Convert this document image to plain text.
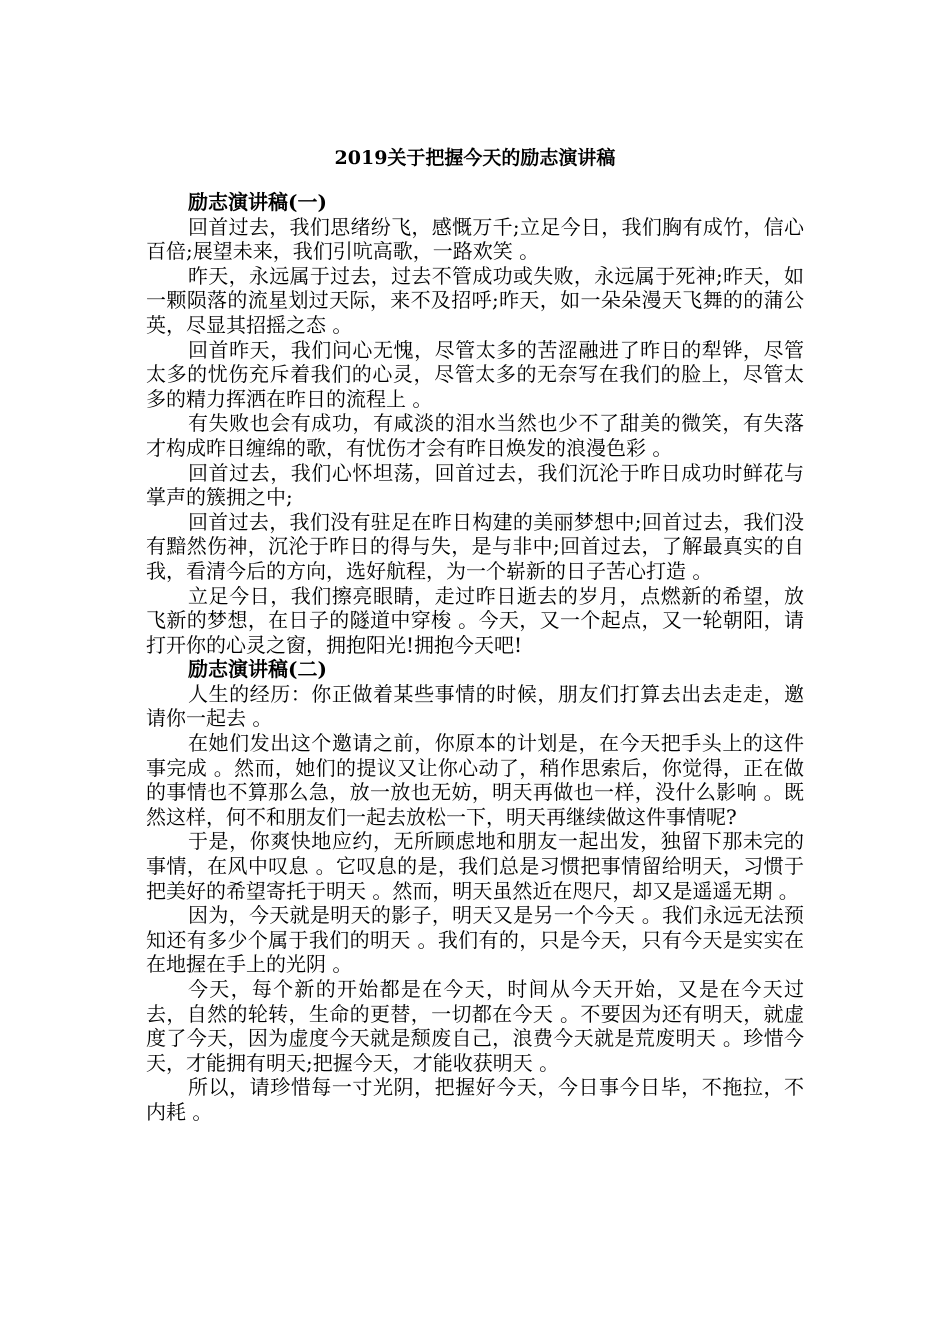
2019关于把握今天的励志演讲稿
励志演讲稿(一)

回首过去，我们思绪纷飞，感慨万千;立足今日，我们胸有成竹，信心百倍;展望未来，我们引吭高歌，一路欢笑 。

昨天，永远属于过去，过去不管成功或失败，永远属于死神;昨天，如一颗陨落的流星划过天际，来不及招呼;昨天，如一朵朵漫天飞舞的的蒲公英，尽显其招摇之态 。

回首昨天，我们问心无愧，尽管太多的苦涩融进了昨日的犁铧，尽管太多的忧伤充斥着我们的心灵，尽管太多的无奈写在我们的脸上，尽管太多的精力挥洒在昨日的流程上 。

有失败也会有成功，有咸淡的泪水当然也少不了甜美的微笑，有失落才构成昨日缠绵的歌，有忧伤才会有昨日焕发的浪漫色彩 。

回首过去，我们心怀坦荡，回首过去，我们沉沦于昨日成功时鲜花与掌声的簇拥之中;

回首过去，我们没有驻足在昨日构建的美丽梦想中;回首过去，我们没有黯然伤神，沉沦于昨日的得与失，是与非中;回首过去，了解最真实的自我，看清今后的方向，选好航程，为一个崭新的日子苦心打造 。

立足今日，我们擦亮眼睛，走过昨日逝去的岁月，点燃新的希望，放飞新的梦想，在日子的隧道中穿梭 。今天，又一个起点，又一轮朝阳，请打开你的心灵之窗，拥抱阳光!拥抱今天吧!

励志演讲稿(二)

人生的经历：你正做着某些事情的时候，朋友们打算去出去走走，邀请你一起去 。

在她们发出这个邀请之前，你原本的计划是，在今天把手头上的这件事完成 。然而，她们的提议又让你心动了，稍作思索后，你觉得，正在做的事情也不算那么急，放一放也无妨，明天再做也一样，没什么影响 。既然这样，何不和朋友们一起去放松一下，明天再继续做这件事情呢?

于是，你爽快地应约，无所顾虑地和朋友一起出发，独留下那未完的事情，在风中叹息 。它叹息的是，我们总是习惯把事情留给明天，习惯于把美好的希望寄托于明天 。然而，明天虽然近在咫尺，却又是遥遥无期 。

因为，今天就是明天的影子，明天又是另一个今天 。我们永远无法预知还有多少个属于我们的明天 。我们有的，只是今天，只有今天是实实在在地握在手上的光阴 。

今天，每个新的开始都是在今天，时间从今天开始，又是在今天过去，自然的轮转，生命的更替，一切都在今天 。不要因为还有明天，就虚度了今天，因为虚度今天就是颓废自己，浪费今天就是荒废明天 。珍惜今天，才能拥有明天;把握今天，才能收获明天 。

所以，请珍惜每一寸光阴，把握好今天，今日事今日毕，不拖拉，不内耗 。
